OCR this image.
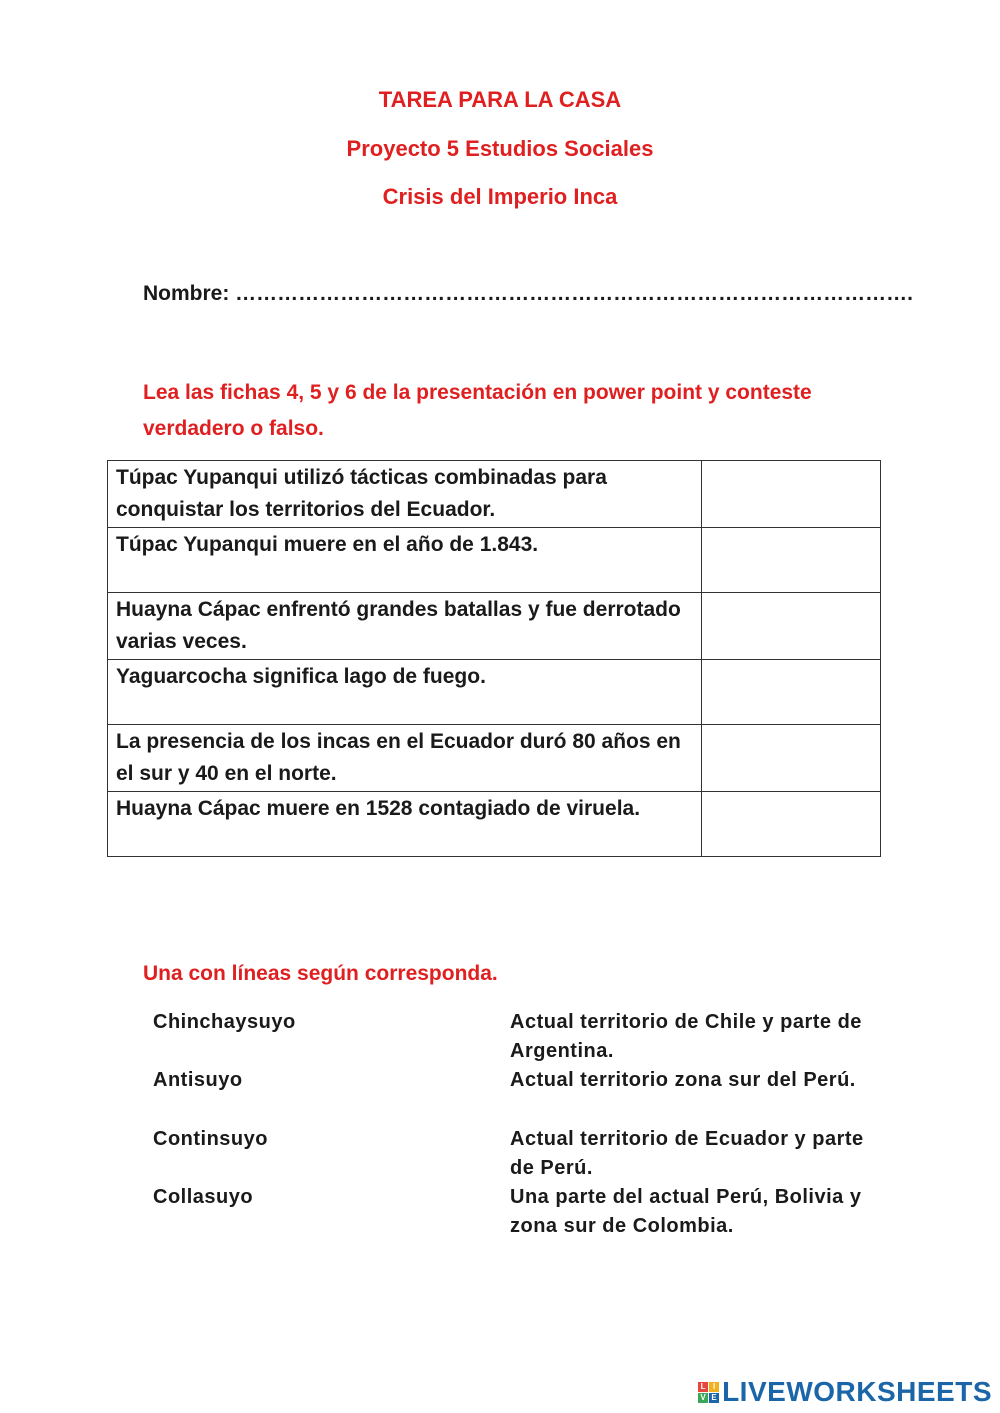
TAREA PARA LA CASA
Proyecto 5 Estudios Sociales
Crisis del Imperio Inca
Nombre: …………………………………………………………………………………….
Lea las fichas 4, 5 y 6 de la presentación en power point y conteste verdadero o falso.
Túpac Yupanqui utilizó tácticas combinadas para conquistar los territorios del Ecuador.	
Túpac Yupanqui muere en el año de 1.843.	
Huayna Cápac enfrentó grandes batallas y fue derrotado varias veces.	
Yaguarcocha significa lago de fuego.	
La presencia de los incas en el Ecuador duró 80 años en el sur y 40 en el norte.	
Huayna Cápac muere en 1528 contagiado de viruela.	
Una con líneas según corresponda.
Chinchaysuyo	Actual territorio de Chile y parte de Argentina.
Antisuyo	Actual territorio zona sur del Perú.
Continsuyo	Actual territorio de Ecuador y parte de Perú.
Collasuyo	Una parte del actual Perú, Bolivia y zona sur de Colombia.
L I
V E LIVEWORKSHEETS
